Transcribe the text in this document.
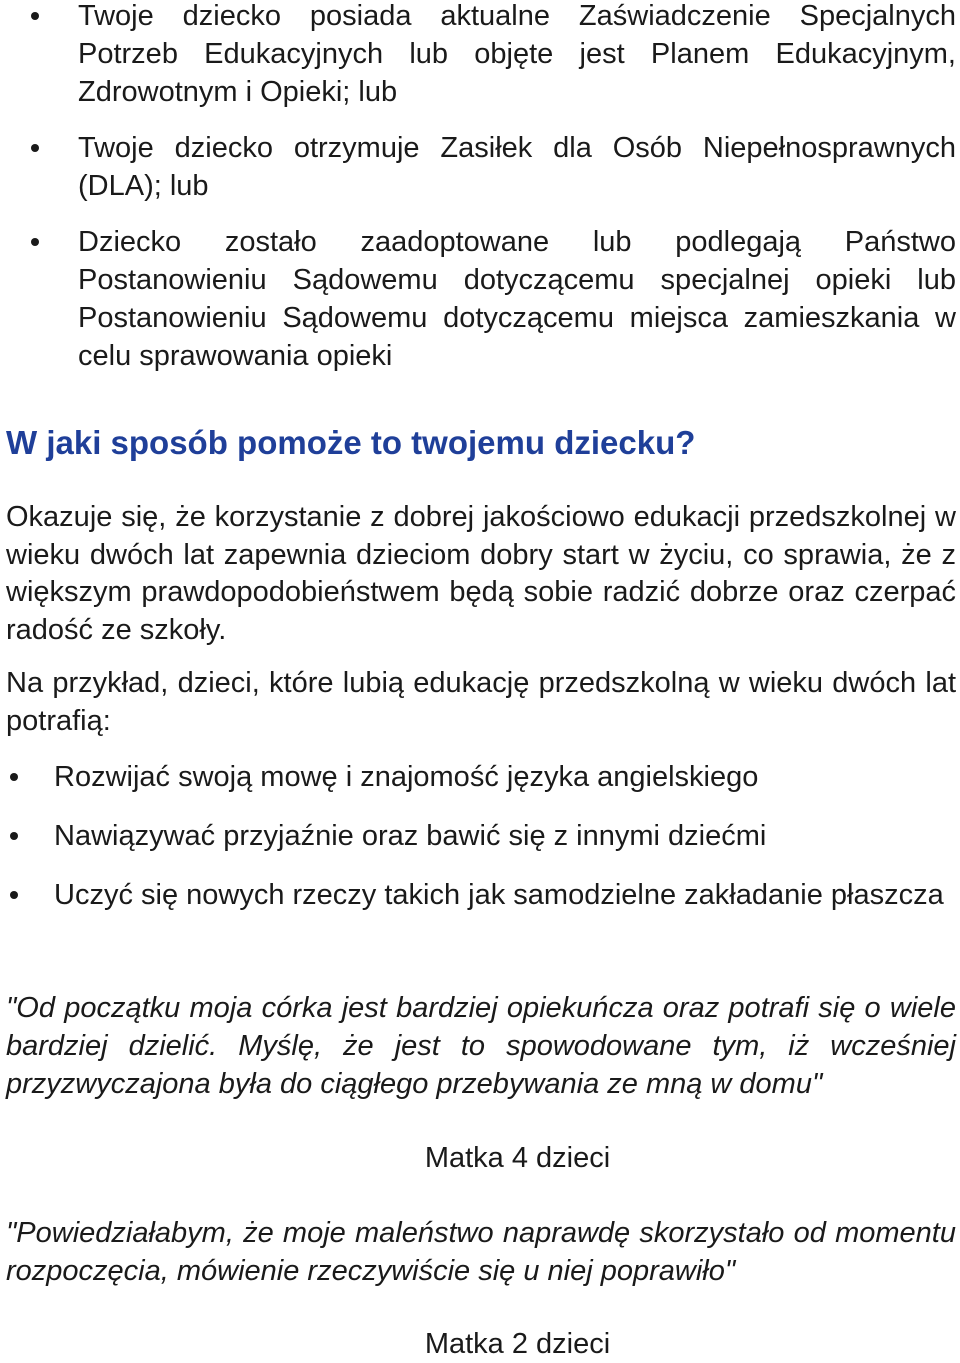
Twoje dziecko posiada aktualne Zaświadczenie Specjalnych Potrzeb Edukacyjnych lub objęte jest Planem Edukacyjnym, Zdrowotnym i Opieki; lub
Twoje dziecko otrzymuje Zasiłek dla Osób Niepełnosprawnych (DLA); lub
Dziecko zostało zaadoptowane lub podlegają Państwo Postanowieniu Sądowemu dotyczącemu specjalnej opieki lub Postanowieniu Sądowemu dotyczącemu miejsca zamieszkania w celu sprawowania opieki
W jaki sposób pomoże to twojemu dziecku?

Okazuje się, że korzystanie z dobrej jakościowo edukacji przedszkolnej w wieku dwóch lat zapewnia dzieciom dobry start w życiu, co sprawia, że z większym prawdopodobieństwem będą sobie radzić dobrze oraz czerpać radość ze szkoły.

Na przykład, dzieci, które lubią edukację przedszkolną w wieku dwóch lat potrafią:

Rozwijać swoją mowę i znajomość języka angielskiego
Nawiązywać przyjaźnie oraz bawić się z innymi dziećmi
Uczyć się nowych rzeczy takich jak samodzielne zakładanie płaszcza

"Od początku moja córka jest bardziej opiekuńcza oraz potrafi się o wiele bardziej dzielić. Myślę, że jest to spowodowane tym, iż wcześniej przyzwyczajona była do ciągłego przebywania ze mną w domu"

Matka 4 dzieci

"Powiedziałabym, że moje maleństwo naprawdę skorzystało od momentu rozpoczęcia, mówienie rzeczywiście się u niej poprawiło"

Matka 2 dzieci
